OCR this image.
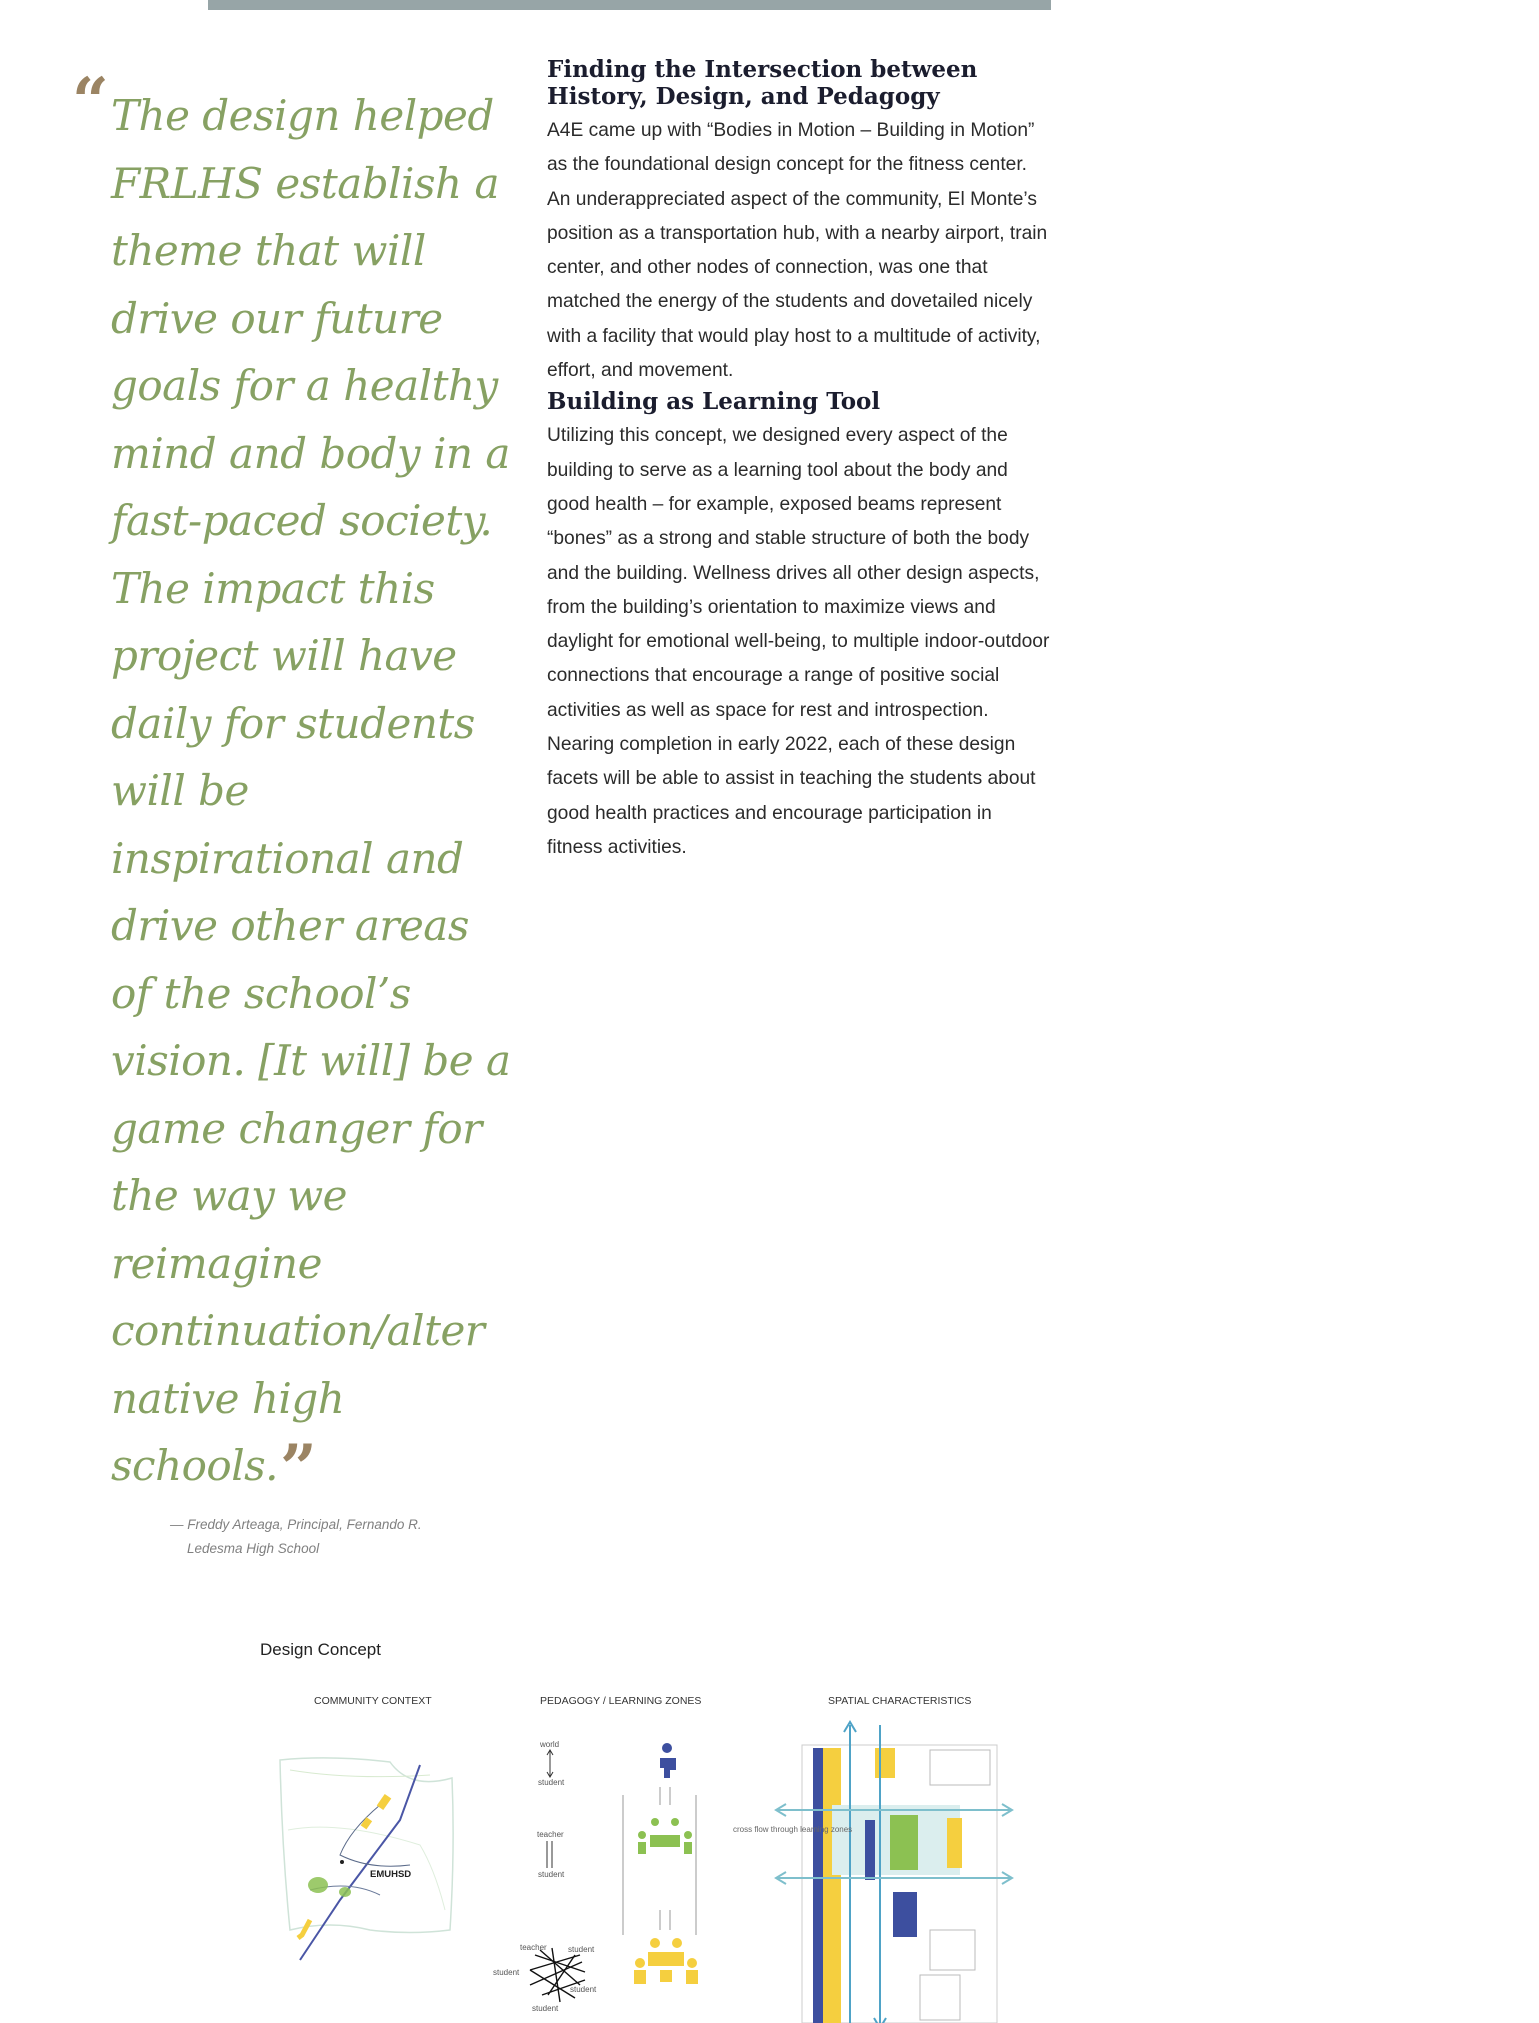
“ The design helped
FRLHS establish a
theme that will
drive our future
goals for a healthy
mind and body in a
fast-paced society.
The impact this
project will have
daily for students
will be
inspirational and
drive other areas
of the school’s
vision. [It will] be a
game changer for
the way we
reimagine
continuation/alter
native high
schools.”
— Freddy Arteaga, Principal, Fernando R.
Ledesma High School
Finding the Intersection between History, Design, and Pedagogy

A4E came up with “Bodies in Motion – Building in Motion” as the foundational design concept for the fitness center. An underappreciated aspect of the community, El Monte’s position as a transportation hub, with a nearby airport, train center, and other nodes of connection, was one that matched the energy of the students and dovetailed nicely with a facility that would play host to a multitude of activity, effort, and movement.

Building as Learning Tool

Utilizing this concept, we designed every aspect of the building to serve as a learning tool about the body and good health – for example, exposed beams represent “bones” as a strong and stable structure of both the body and the building. Wellness drives all other design aspects, from the building’s orientation to maximize views and daylight for emotional well-being, to multiple indoor-outdoor connections that encourage a range of positive social activities as well as space for rest and introspection. Nearing completion in early 2022, each of these design facets will be able to assist in teaching the students about good health practices and encourage participation in fitness activities.

Design Concept
COMMUNITY CONTEXT	PEDAGOGY / LEARNING ZONES	SPATIAL CHARACTERISTICS
EMUHSD
world
student
teacher
student
teacher	student
student
student
student
cross flow through learning zones
